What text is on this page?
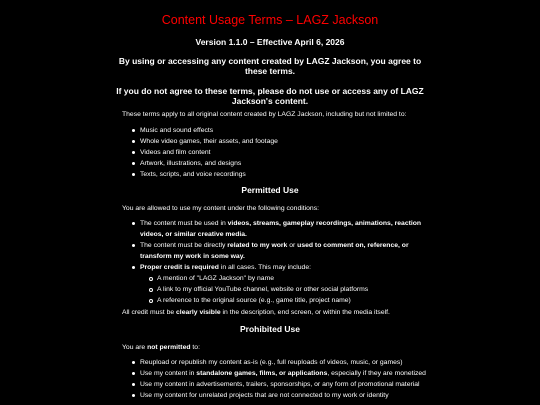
Content Usage Terms – LAGZ Jackson

Version 1.1.0 – Effective April 6, 2026

By using or accessing any content created by LAGZ Jackson, you agree to these terms.

If you do not agree to these terms, please do not use or access any of LAGZ Jackson's content.

These terms apply to all original content created by LAGZ Jackson, including but not limited to:

Music and sound effects
Whole video games, their assets, and footage
Videos and film content
Artwork, illustrations, and designs
Texts, scripts, and voice recordings

Permitted Use

You are allowed to use my content under the following conditions:

The content must be used in videos, streams, gameplay recordings, animations, reaction videos, or similar creative media.
The content must be directly related to my work or used to comment on, reference, or transform my work in some way.
Proper credit is required in all cases. This may include:
A mention of "LAGZ Jackson" by name
A link to my official YouTube channel, website or other social platforms
A reference to the original source (e.g., game title, project name)

All credit must be clearly visible in the description, end screen, or within the media itself.

Prohibited Use

You are not permitted to:

Reupload or republish my content as-is (e.g., full reuploads of videos, music, or games)
Use my content in standalone games, films, or applications, especially if they are monetized
Use my content in advertisements, trailers, sponsorships, or any form of promotional material
Use my content for unrelated projects that are not connected to my work or identity
